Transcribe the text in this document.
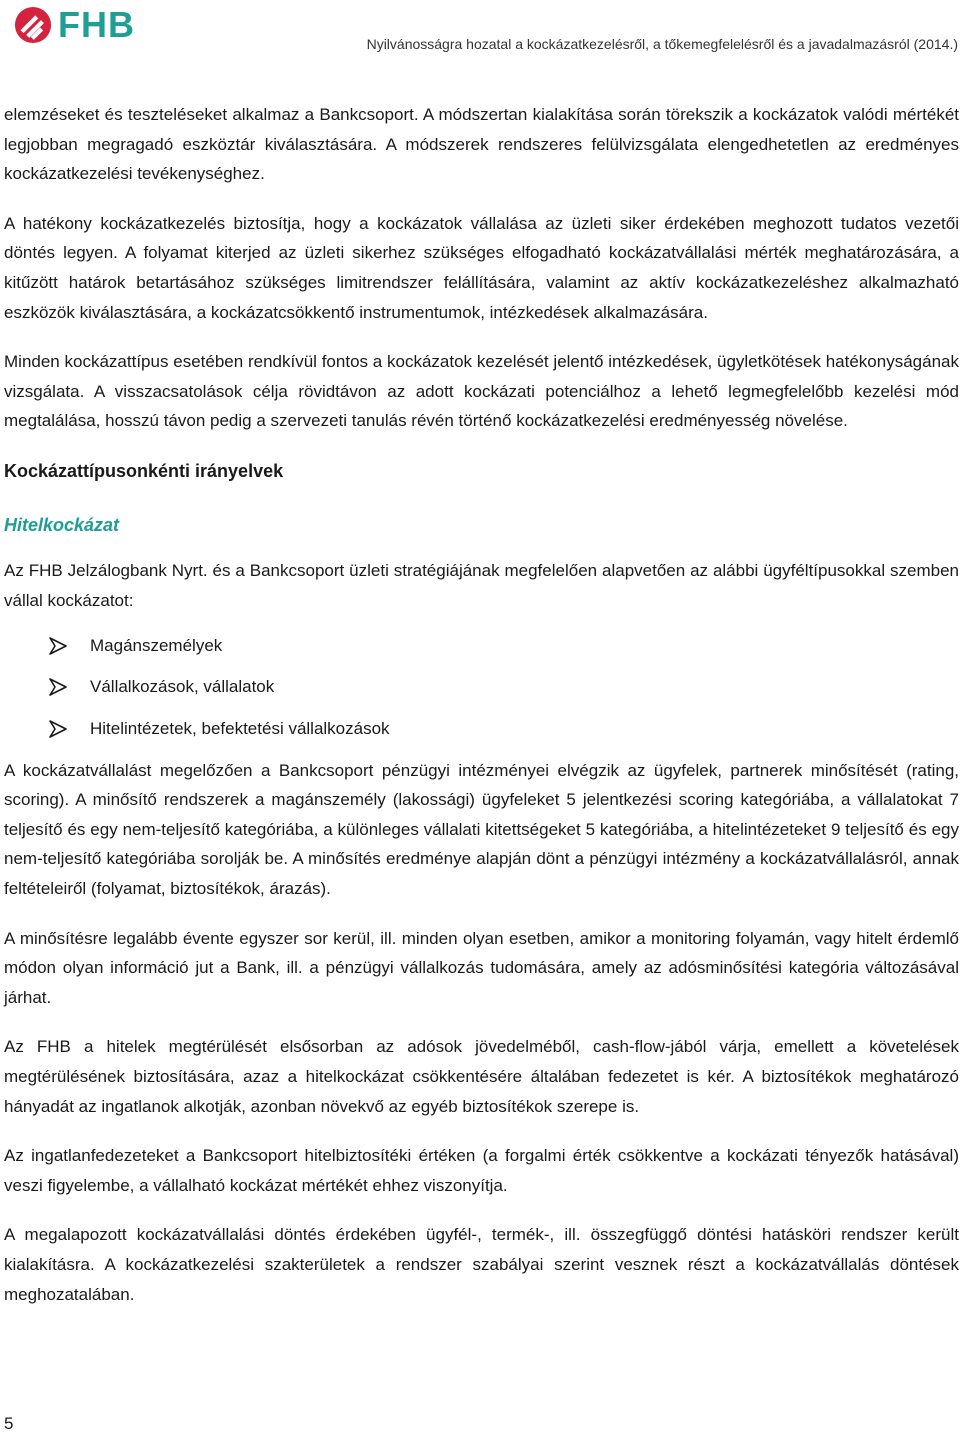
FHB	Nyilvánosságra hozatal a kockázatkezelésről, a tőkemegfelelésről és a javadalmazásról (2014.)

elemzéseket és teszteléseket alkalmaz a Bankcsoport. A módszertan kialakítása során törekszik a kockázatok valódi mértékét legjobban megragadó eszköztár kiválasztására. A módszerek rendszeres felülvizsgálata elengedhetetlen az eredményes kockázatkezelési tevékenységhez.

A hatékony kockázatkezelés biztosítja, hogy a kockázatok vállalása az üzleti siker érdekében meghozott tudatos vezetői döntés legyen. A folyamat kiterjed az üzleti sikerhez szükséges elfogadható kockázatvállalási mérték meghatározására, a kitűzött határok betartásához szükséges limitrendszer felállítására, valamint az aktív kockázatkezeléshez alkalmazható eszközök kiválasztására, a kockázatcsökkentő instrumentumok, intézkedések alkalmazására.

Minden kockázattípus esetében rendkívül fontos a kockázatok kezelését jelentő intézkedések, ügyletkötések hatékonyságának vizsgálata. A visszacsatolások célja rövidtávon az adott kockázati potenciálhoz a lehető legmegfelelőbb kezelési mód megtalálása, hosszú távon pedig a szervezeti tanulás révén történő kockázatkezelési eredményesség növelése.

Kockázattípusonkénti irányelvek
Hitelkockázat

Az FHB Jelzálogbank Nyrt. és a Bankcsoport üzleti stratégiájának megfelelően alapvetően az alábbi ügyféltípusokkal szemben vállal kockázatot:

Magánszemélyek
Vállalkozások, vállalatok
Hitelintézetek, befektetési vállalkozások

A kockázatvállalást megelőzően a Bankcsoport pénzügyi intézményei elvégzik az ügyfelek, partnerek minősítését (rating, scoring). A minősítő rendszerek a magánszemély (lakossági) ügyfeleket 5 jelentkezési scoring kategóriába, a vállalatokat 7 teljesítő és egy nem-teljesítő kategóriába, a különleges vállalati kitettségeket 5 kategóriába, a hitelintézeteket 9 teljesítő és egy nem-teljesítő kategóriába sorolják be. A minősítés eredménye alapján dönt a pénzügyi intézmény a kockázatvállalásról, annak feltételeiről (folyamat, biztosítékok, árazás).

A minősítésre legalább évente egyszer sor kerül, ill. minden olyan esetben, amikor a monitoring folyamán, vagy hitelt érdemlő módon olyan információ jut a Bank, ill. a pénzügyi vállalkozás tudomására, amely az adósminősítési kategória változásával járhat.

Az FHB a hitelek megtérülését elsősorban az adósok jövedelméből, cash-flow-jából várja, emellett a követelések megtérülésének biztosítására, azaz a hitelkockázat csökkentésére általában fedezetet is kér. A biztosítékok meghatározó hányadát az ingatlanok alkotják, azonban növekvő az egyéb biztosítékok szerepe is.

Az ingatlanfedezeteket a Bankcsoport hitelbiztosítéki értéken (a forgalmi érték csökkentve a kockázati tényezők hatásával) veszi figyelembe, a vállalható kockázat mértékét ehhez viszonyítja.

A megalapozott kockázatvállalási döntés érdekében ügyfél-, termék-, ill. összegfüggő döntési hatásköri rendszer került kialakításra. A kockázatkezelési szakterületek a rendszer szabályai szerint vesznek részt a kockázatvállalás döntések meghozatalában.

5
